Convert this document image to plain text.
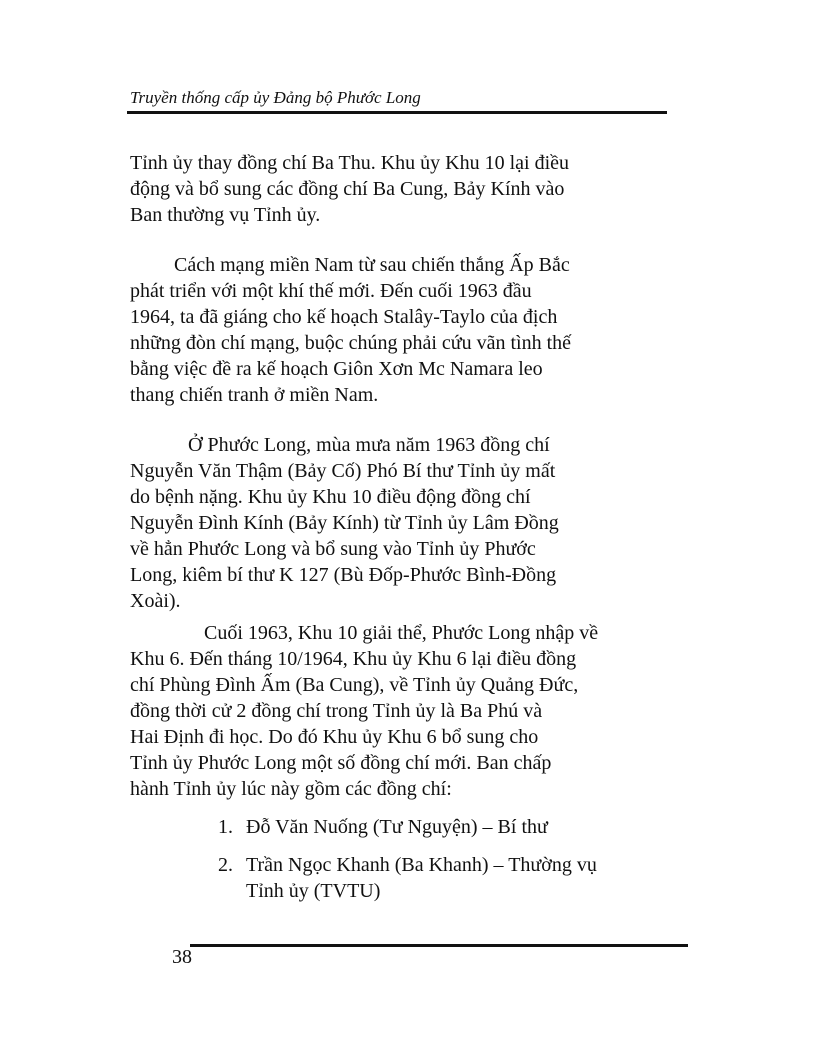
Truyền thống cấp ủy Đảng bộ Phước Long
Tỉnh ủy thay đồng chí Ba Thu. Khu ủy Khu 10 lại điều
động và bổ sung các đồng chí Ba Cung, Bảy Kính vào
Ban thường vụ Tỉnh ủy.
Cách mạng miền Nam từ sau chiến thắng Ấp Bắc
phát triển với một khí thế mới. Đến cuối 1963 đầu
1964, ta đã giáng cho kế hoạch Stalây-Taylo của địch
những đòn chí mạng, buộc chúng phải cứu vãn tình thế
bằng việc đề ra kế hoạch Giôn Xơn Mc Namara leo
thang chiến tranh ở miền Nam.
Ở Phước Long, mùa mưa năm 1963 đồng chí
Nguyễn Văn Thậm (Bảy Cố) Phó Bí thư Tỉnh ủy mất
do bệnh nặng. Khu ủy Khu 10 điều động đồng chí
Nguyễn Đình Kính (Bảy Kính) từ Tỉnh ủy Lâm Đồng
về hẳn Phước Long và bổ sung vào Tỉnh ủy Phước
Long, kiêm bí thư K 127 (Bù Đốp-Phước Bình-Đồng
Xoài).
Cuối 1963, Khu 10 giải thể, Phước Long nhập về
Khu 6. Đến tháng 10/1964, Khu ủy Khu 6 lại điều đồng
chí Phùng Đình Ấm (Ba Cung), về Tỉnh ủy Quảng Đức,
đồng thời cử 2 đồng chí trong Tỉnh ủy là Ba Phú và
Hai Định đi học. Do đó Khu ủy Khu 6 bổ sung cho
Tỉnh ủy Phước Long một số đồng chí mới. Ban chấp
hành Tỉnh ủy lúc này gồm các đồng chí:
1. Đỗ Văn Nuống (Tư Nguyện) – Bí thư
2. Trần Ngọc Khanh (Ba Khanh) – Thường vụ
Tỉnh ủy (TVTU)
38
